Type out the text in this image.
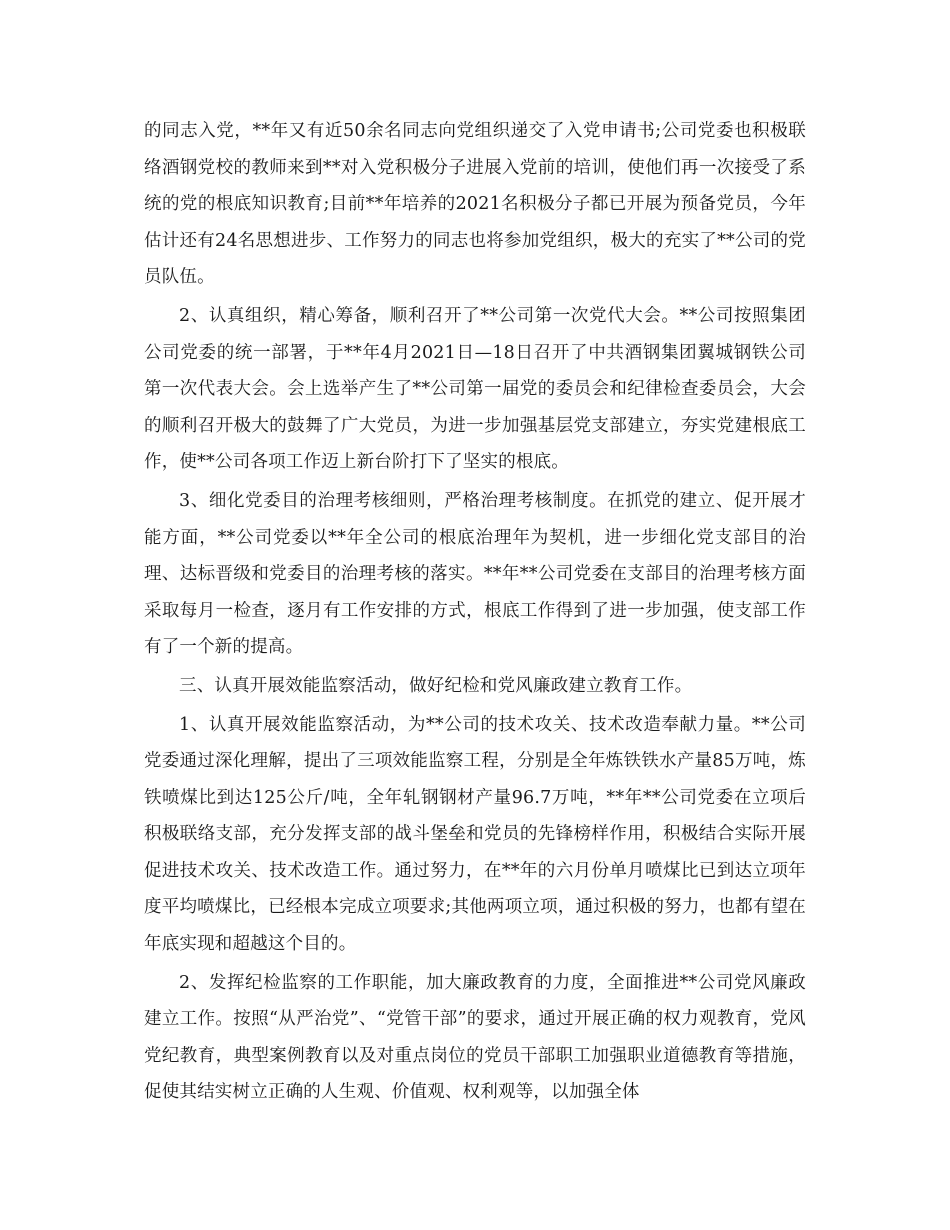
的同志入党，**年又有近50余名同志向党组织递交了入党申请书;公司党委也积极联络酒钢党校的教师来到**对入党积极分子进展入党前的培训，使他们再一次接受了系统的党的根底知识教育;目前**年培养的2021名积极分子都已开展为预备党员，今年估计还有24名思想进步、工作努力的同志也将参加党组织，极大的充实了**公司的党员队伍。

2、认真组织，精心筹备，顺利召开了**公司第一次党代大会。**公司按照集团公司党委的统一部署，于**年4月2021日—18日召开了中共酒钢集团翼城钢铁公司第一次代表大会。会上选举产生了**公司第一届党的委员会和纪律检查委员会，大会的顺利召开极大的鼓舞了广大党员，为进一步加强基层党支部建立，夯实党建根底工作，使**公司各项工作迈上新台阶打下了坚实的根底。

3、细化党委目的治理考核细则，严格治理考核制度。在抓党的建立、促开展才能方面，**公司党委以**年全公司的根底治理年为契机，进一步细化党支部目的治理、达标晋级和党委目的治理考核的落实。**年**公司党委在支部目的治理考核方面采取每月一检查，逐月有工作安排的方式，根底工作得到了进一步加强，使支部工作有了一个新的提高。

三、认真开展效能监察活动，做好纪检和党风廉政建立教育工作。

1、认真开展效能监察活动，为**公司的技术攻关、技术改造奉献力量。**公司党委通过深化理解，提出了三项效能监察工程，分别是全年炼铁铁水产量85万吨，炼铁喷煤比到达125公斤/吨，全年轧钢钢材产量96.7万吨，**年**公司党委在立项后积极联络支部，充分发挥支部的战斗堡垒和党员的先锋榜样作用，积极结合实际开展促进技术攻关、技术改造工作。通过努力，在**年的六月份单月喷煤比已到达立项年度平均喷煤比，已经根本完成立项要求;其他两项立项，通过积极的努力，也都有望在年底实现和超越这个目的。

2、发挥纪检监察的工作职能，加大廉政教育的力度，全面推进**公司党风廉政建立工作。按照“从严治党”、“党管干部”的要求，通过开展正确的权力观教育，党风党纪教育，典型案例教育以及对重点岗位的党员干部职工加强职业道德教育等措施，促使其结实树立正确的人生观、价值观、权利观等，以加强全体
